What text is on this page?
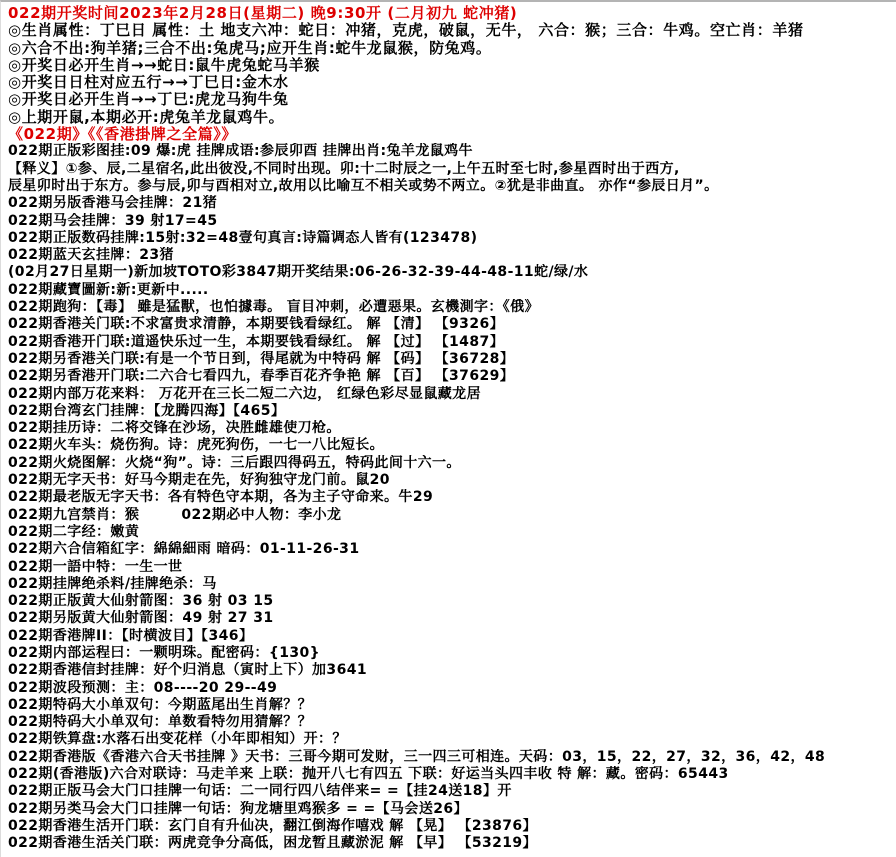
022期开奖时间2023年2月28日(星期二) 晚9:30开 (二月初九 蛇冲猪)
◎生肖属性：丁巳日 属性：土 地支六冲：蛇日：冲猪，克虎，破鼠，无牛， 六合：猴；三合：牛鸡。空亡肖：羊猪
◎六合不出:狗羊猪;三合不出:兔虎马;应开生肖:蛇牛龙鼠猴，防兔鸡。
◎开奖日必开生肖→→蛇日:鼠牛虎兔蛇马羊猴
◎开奖日日柱对应五行→→丁巳日:金木水
◎开奖日必开生肖→→丁巳:虎龙马狗牛兔
◎上期开鼠,本期必开:虎兔羊龙鼠鸡牛。
《022期》《《香港掛牌之全篇》》
022期正版彩图挂:09 爆:虎 挂牌成语:参辰卯酉 挂牌出肖:兔羊龙鼠鸡牛
【释义】①参、辰,二星宿名,此出彼没,不同时出现。卯:十二时辰之一,上午五时至七时,参星酉时出于西方,
辰星卯时出于东方。参与辰,卯与酉相对立,故用以比喻互不相关或势不两立。②犹是非曲直。 亦作“参辰日月”。
022期另版香港马会挂牌：21猪
022期马会挂牌：39 射17=45
022期正版数码挂牌:15射:32=48壹句真言:诗篇调态人皆有(123478)
022期蓝天玄挂牌：23猪
(02月27日星期一)新加坡TOTO彩3847期开奖结果:06-26-32-39-44-48-11蛇/绿/水
022期藏寶圖新:新:更新中.....
022期跑狗：【毒】 雖是猛獸，也怕據毒。 盲目冲刺，必遭惡果。玄機測字：《俄》
022期香港关门联:不求富贵求清静，本期要钱看绿红。 解 【清】 【9326】
022期香港开门联:道遥快乐过一生，本期要钱看绿红。 解 【过】 【1487】
022期另香港关门联:有是一个节日到，得尾就为中特码 解 【码】 【36728】
022期另香港开门联:二六合七看四九，春季百花齐争艳 解 【百】 【37629】
022期内部万花来料： 万花开在三长二短二六边， 红绿色彩尽显鼠藏龙居
022期台湾玄门挂牌：【龙腾四海】【465】
022期挂历诗：二将交锋在沙场，决胜雌雄使刀枪。
022期火车头：烧伤狗。诗：虎死狗伤，一七一八比短长。
022期火烧图解：火烧“狗”。诗：三后跟四得码五，特码此间十六一。
022期无字天书：好马今期走在先，好狗独守龙门前。鼠20
022期最老版无字天书：各有特色守本期，各为主子守命来。牛29
022期九宫禁肖：猴        022期必中人物：李小龙
022期二字经：嫩黄
022期六合信箱紅字：綿綿細雨 暗码：01-11-26-31
022期一語中特：一生一世
022期挂牌绝杀料/挂牌绝杀：马
022期正版黄大仙射箭图：36 射 03 15
022期另版黄大仙射箭图：49 射 27 31
022期香港牌II：【时横波目】【346】
022期内部运程曰：一颗明珠。配密码：{130}
022期香港信封挂牌：好个归消息（寅时上下）加3641
022期波段预测：主：08----20 29--49
022期特码大小单双句：今期蓝尾出生肖解？？
022期特码大小单双句：单数看特勿用猜解？？
022期铁算盘:水落石出变花样（小年即相知）开：？
022期香港版《香港六合天书挂牌 》天书：三哥今期可发财，三一四三可相连。天码：03，15，22，27，32，36，42，48
022期(香港版)六合对联诗：马走羊来 上联：抛开八七有四五 下联：好运当头四丰收 特 解：藏。密码：65443
022期正版马会大门口挂牌一句话：二一同行四八结伴来= =【挂24送18】开
022期另类马会大门口挂牌一句话：狗龙塘里鸡猴多 = =【马会送26】
022期香港生活开门联：玄门自有升仙决，翻江倒海作嘻戏 解 【晃】 【23876】
022期香港生活关门联：两虎竞争分高低，困龙暂且藏淤泥 解 【早】 【53219】
